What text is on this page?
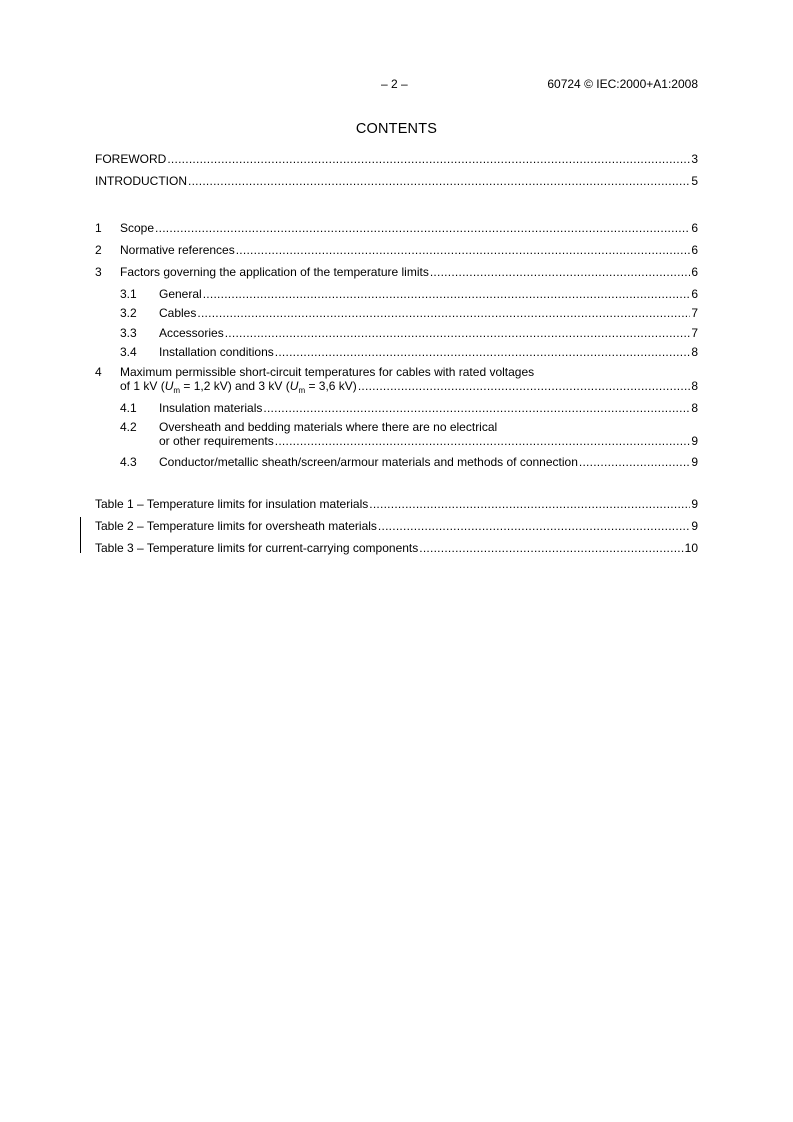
– 2 –	60724 © IEC:2000+A1:2008
CONTENTS
FOREWORD .....	3
INTRODUCTION .....	5
1	Scope .....	6
2	Normative references .....	6
3	Factors governing the application of the temperature limits .....	6
3.1	General .....	6
3.2	Cables .....	7
3.3	Accessories .....	7
3.4	Installation conditions .....	8
4 Maximum permissible short-circuit temperatures for cables with rated voltages
of 1 kV ($U_m = 1,2$ kV) and 3 kV ($U_m = 3,6$ kV) .....	8
4.1	Insulation materials .....	8
4.2 Oversheath and bedding materials where there are no electrical
or other requirements .....	9
4.3	Conductor/metallic sheath/screen/armour materials and methods of connection .....	9
Table 1 – Temperature limits for insulation materials .....	9
Table 2 – Temperature limits for oversheath materials .....	9
Table 3 – Temperature limits for current-carrying components .....	10
